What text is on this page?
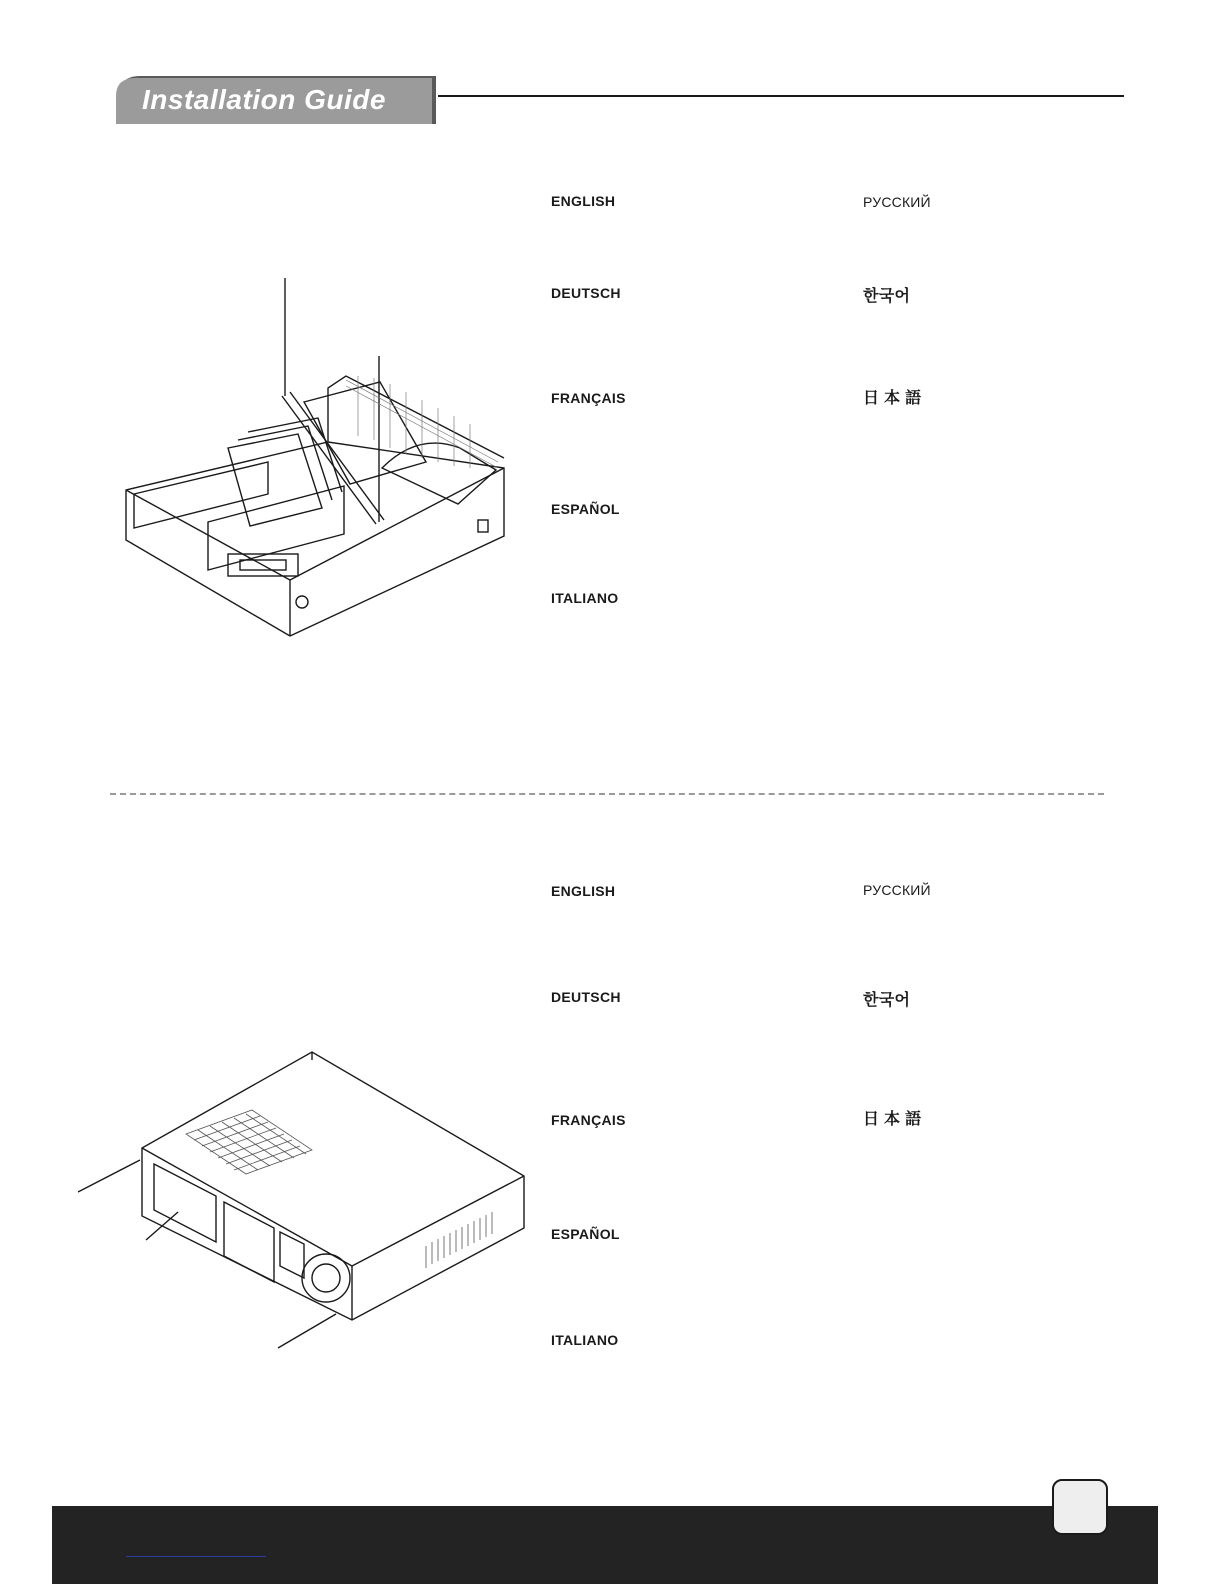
Installation Guide
ENGLISH
DEUTSCH
FRANÇAIS
ESPAÑOL
ITALIANO
РУССКИЙ
한국어
日 本 語
ENGLISH
DEUTSCH
FRANÇAIS
ESPAÑOL
ITALIANO
РУССКИЙ
한국어
日 本 語
